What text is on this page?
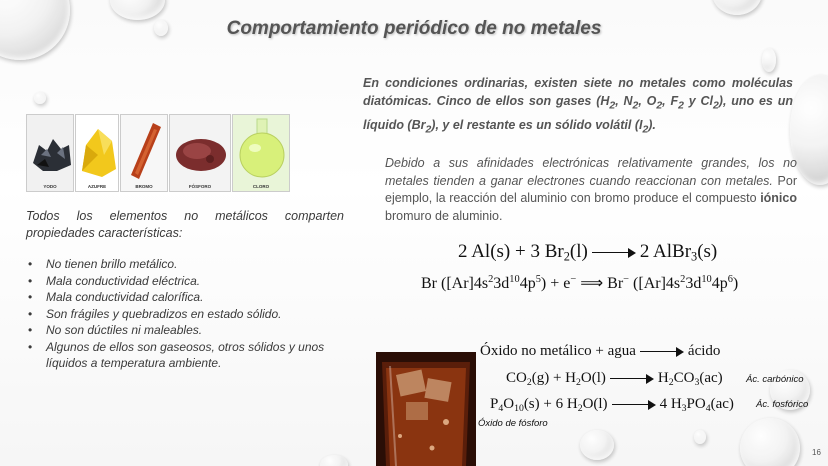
Comportamiento periódico de no metales
YODO	AZUFRE	BROMO	FÓSFORO	CLORO
Todos los elementos no metálicos comparten propiedades características:
• No tienen brillo metálico.
• Mala conductividad eléctrica.
• Mala conductividad calorífica.
• Son frágiles y quebradizos en estado sólido.
• No son dúctiles ni maleables.
• Algunos de ellos son gaseosos, otros sólidos y unos líquidos a temperatura ambiente.
En condiciones ordinarias, existen siete no metales como moléculas diatómicas. Cinco de ellos son gases ($H_2$, $N_2$, $O_2$, $F_2$ y $Cl_2$), uno es un líquido $(Br_2)$, y el restante es un sólido volátil $(I_2)$.
Debido a sus afinidades electrónicas relativamente grandes, los no metales tienden a ganar electrones cuando reaccionan con metales. Por ejemplo, la reacción del aluminio con bromo produce el compuesto iónico bromuro de aluminio.
2 Al(s) + 3 $Br_2(l)$	2 AlBr$_3$(s)
Br $([Ar]4s^23d^{10}4p^5) + e^-$ ⟹ Br− $([Ar]4s^23d^{10}4p^6)$
Óxido no metálico + agua	ácido
$CO_2(g) + H_2O(l)$	$H_2CO_3(ac)$
$P_4O_{10}(s) + 6$ $H_2O(l)$	4 $H_3PO_4(ac)$
Ác. carbónico
Ác. fosfórico
Óxido de fósforo
16
